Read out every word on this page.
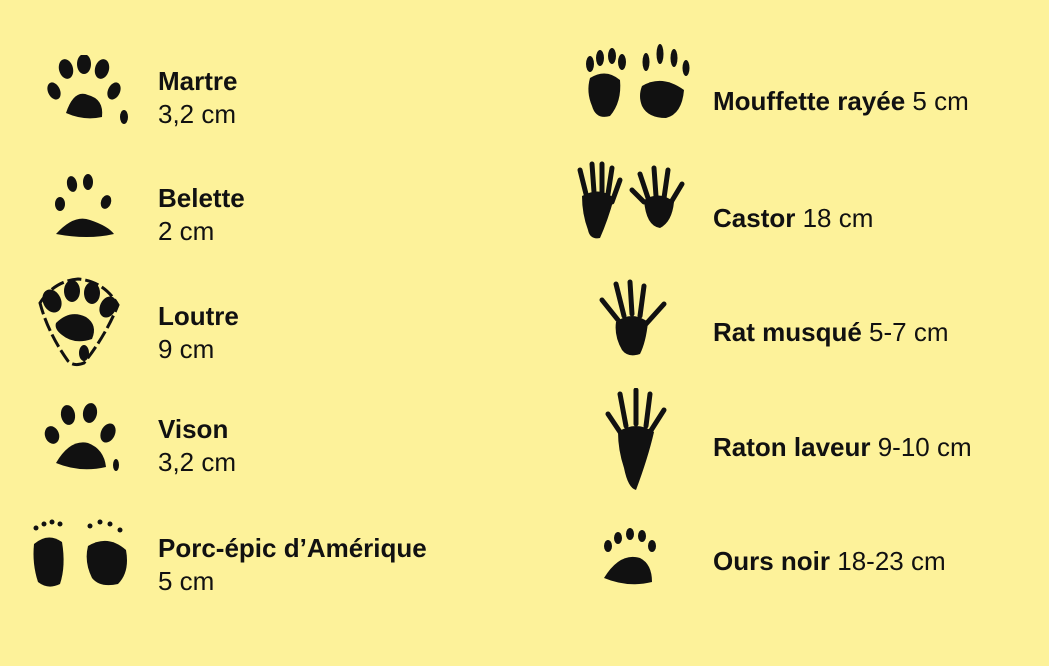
Martre
3,2 cm
Belette
2 cm
Loutre
9 cm
Vison
3,2 cm
Porc-épic d’Amérique
5 cm
Mouffette rayée 5 cm
Castor 18 cm
Rat musqué 5-7 cm
Raton laveur 9-10 cm
Ours noir 18-23 cm
